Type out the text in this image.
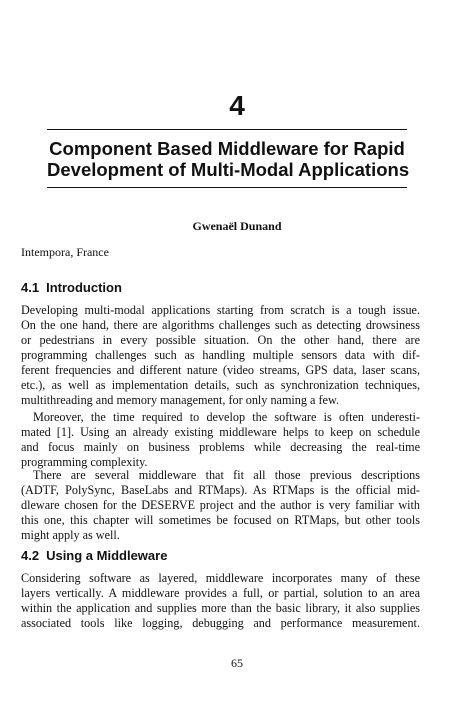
4
Component Based Middleware for Rapid
Development of Multi-Modal Applications
Gwenaël Dunand
Intempora, France
4.1 Introduction
Developing multi-modal applications starting from scratch is a tough issue.
On the one hand, there are algorithms challenges such as detecting drowsiness
or pedestrians in every possible situation. On the other hand, there are
programming challenges such as handling multiple sensors data with dif-
ferent frequencies and different nature (video streams, GPS data, laser scans,
etc.), as well as implementation details, such as synchronization techniques,
multithreading and memory management, for only naming a few.
Moreover, the time required to develop the software is often underesti-
mated [1]. Using an already existing middleware helps to keep on schedule
and focus mainly on business problems while decreasing the real-time
programming complexity.
There are several middleware that fit all those previous descriptions
(ADTF, PolySync, BaseLabs and RTMaps). As RTMaps is the official mid-
dleware chosen for the DESERVE project and the author is very familiar with
this one, this chapter will sometimes be focused on RTMaps, but other tools
might apply as well.
4.2 Using a Middleware
Considering software as layered, middleware incorporates many of these
layers vertically. A middleware provides a full, or partial, solution to an area
within the application and supplies more than the basic library, it also supplies
associated tools like logging, debugging and performance measurement.
65
